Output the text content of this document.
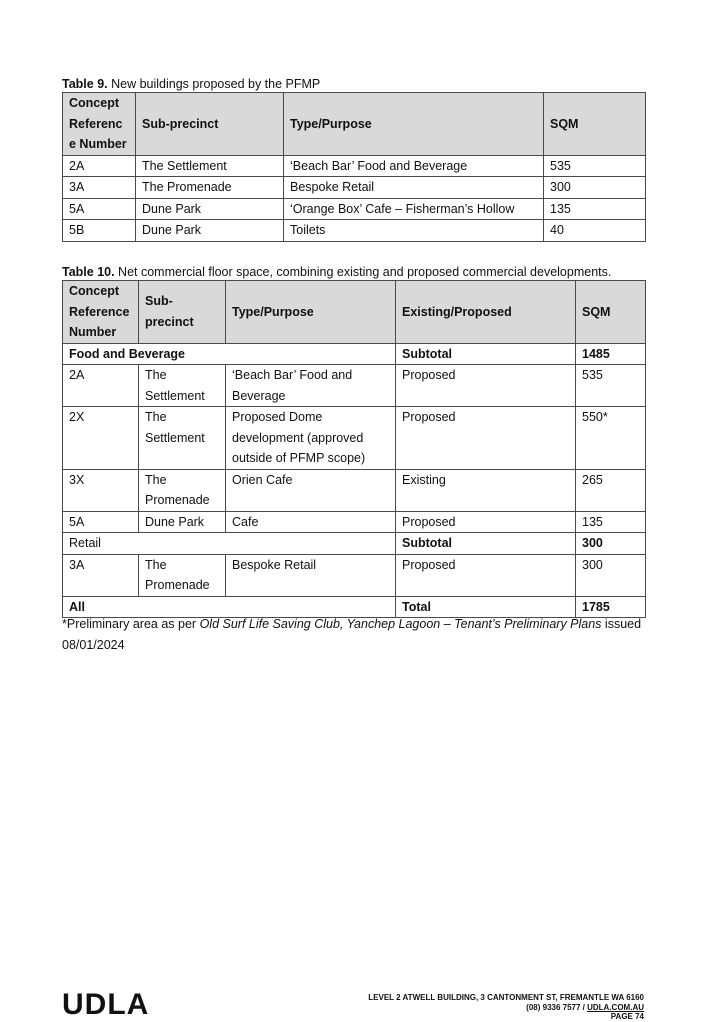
Table 9. New buildings proposed by the PFMP
Concept Referenc e Number	Sub-precinct	Type/Purpose	SQM
2A	The Settlement	‘Beach Bar’ Food and Beverage	535
3A	The Promenade	Bespoke Retail	300
5A	Dune Park	‘Orange Box’ Cafe – Fisherman’s Hollow	135
5B	Dune Park	Toilets	40
Table 10. Net commercial floor space, combining existing and proposed commercial developments.
Concept Reference Number	Sub-precinct	Type/Purpose	Existing/Proposed	SQM
Food and Beverage			Subtotal	1485
2A	The Settlement	‘Beach Bar’ Food and Beverage	Proposed	535
2X	The Settlement	Proposed Dome development (approved outside of PFMP scope)	Proposed	550*
3X	The Promenade	Orien Cafe	Existing	265
5A	Dune Park	Cafe	Proposed	135
Retail			Subtotal	300
3A	The Promenade	Bespoke Retail	Proposed	300
All			Total	1785
*Preliminary area as per Old Surf Life Saving Club, Yanchep Lagoon – Tenant’s Preliminary Plans issued 08/01/2024
UDLA	LEVEL 2 ATWELL BUILDING, 3 CANTONMENT ST, FREMANTLE WA 6160
(08) 9336 7577 / UDLA.COM.AU
PAGE 74
